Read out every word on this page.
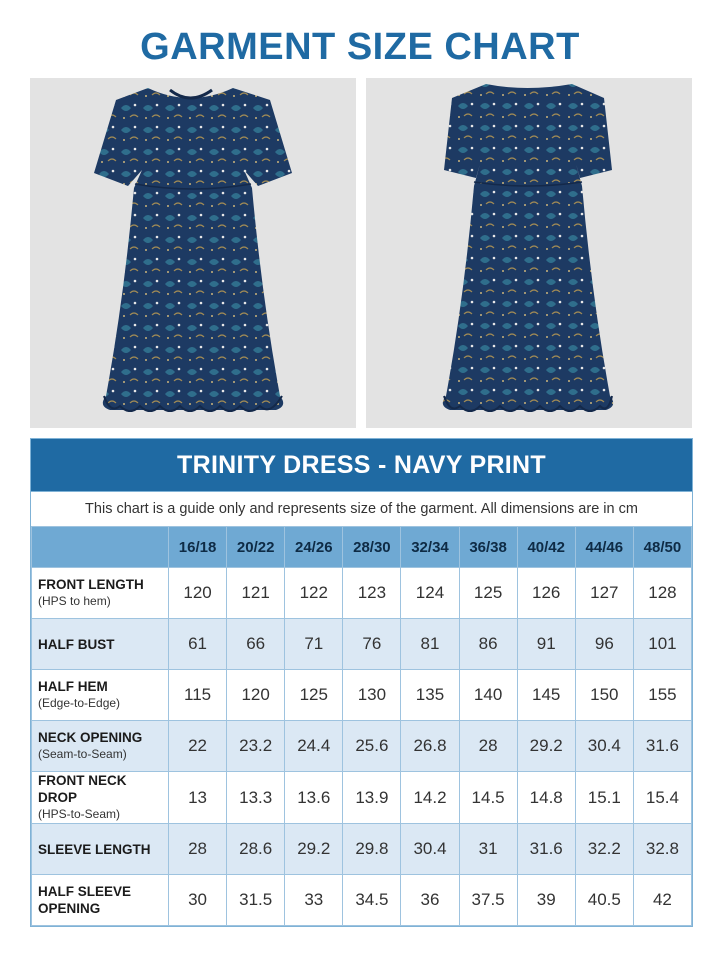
GARMENT SIZE CHART
TRINITY DRESS - NAVY PRINT
This chart is a guide only and represents size of the garment. All dimensions are in cm
	16/18	20/22	24/26	28/30	32/34	36/38	40/42	44/46	48/50

FRONT LENGTH
(HPS to hem)	120	121	122	123	124	125	126	127	128

HALF BUST	61	66	71	76	81	86	91	96	101

HALF HEM
(Edge-to-Edge)	115	120	125	130	135	140	145	150	155

NECK OPENING
(Seam-to-Seam)	22	23.2	24.4	25.6	26.8	28	29.2	30.4	31.6

FRONT NECK DROP
(HPS-to-Seam)	13	13.3	13.6	13.9	14.2	14.5	14.8	15.1	15.4

SLEEVE LENGTH	28	28.6	29.2	29.8	30.4	31	31.6	32.2	32.8

HALF SLEEVE OPENING	30	31.5	33	34.5	36	37.5	39	40.5	42
